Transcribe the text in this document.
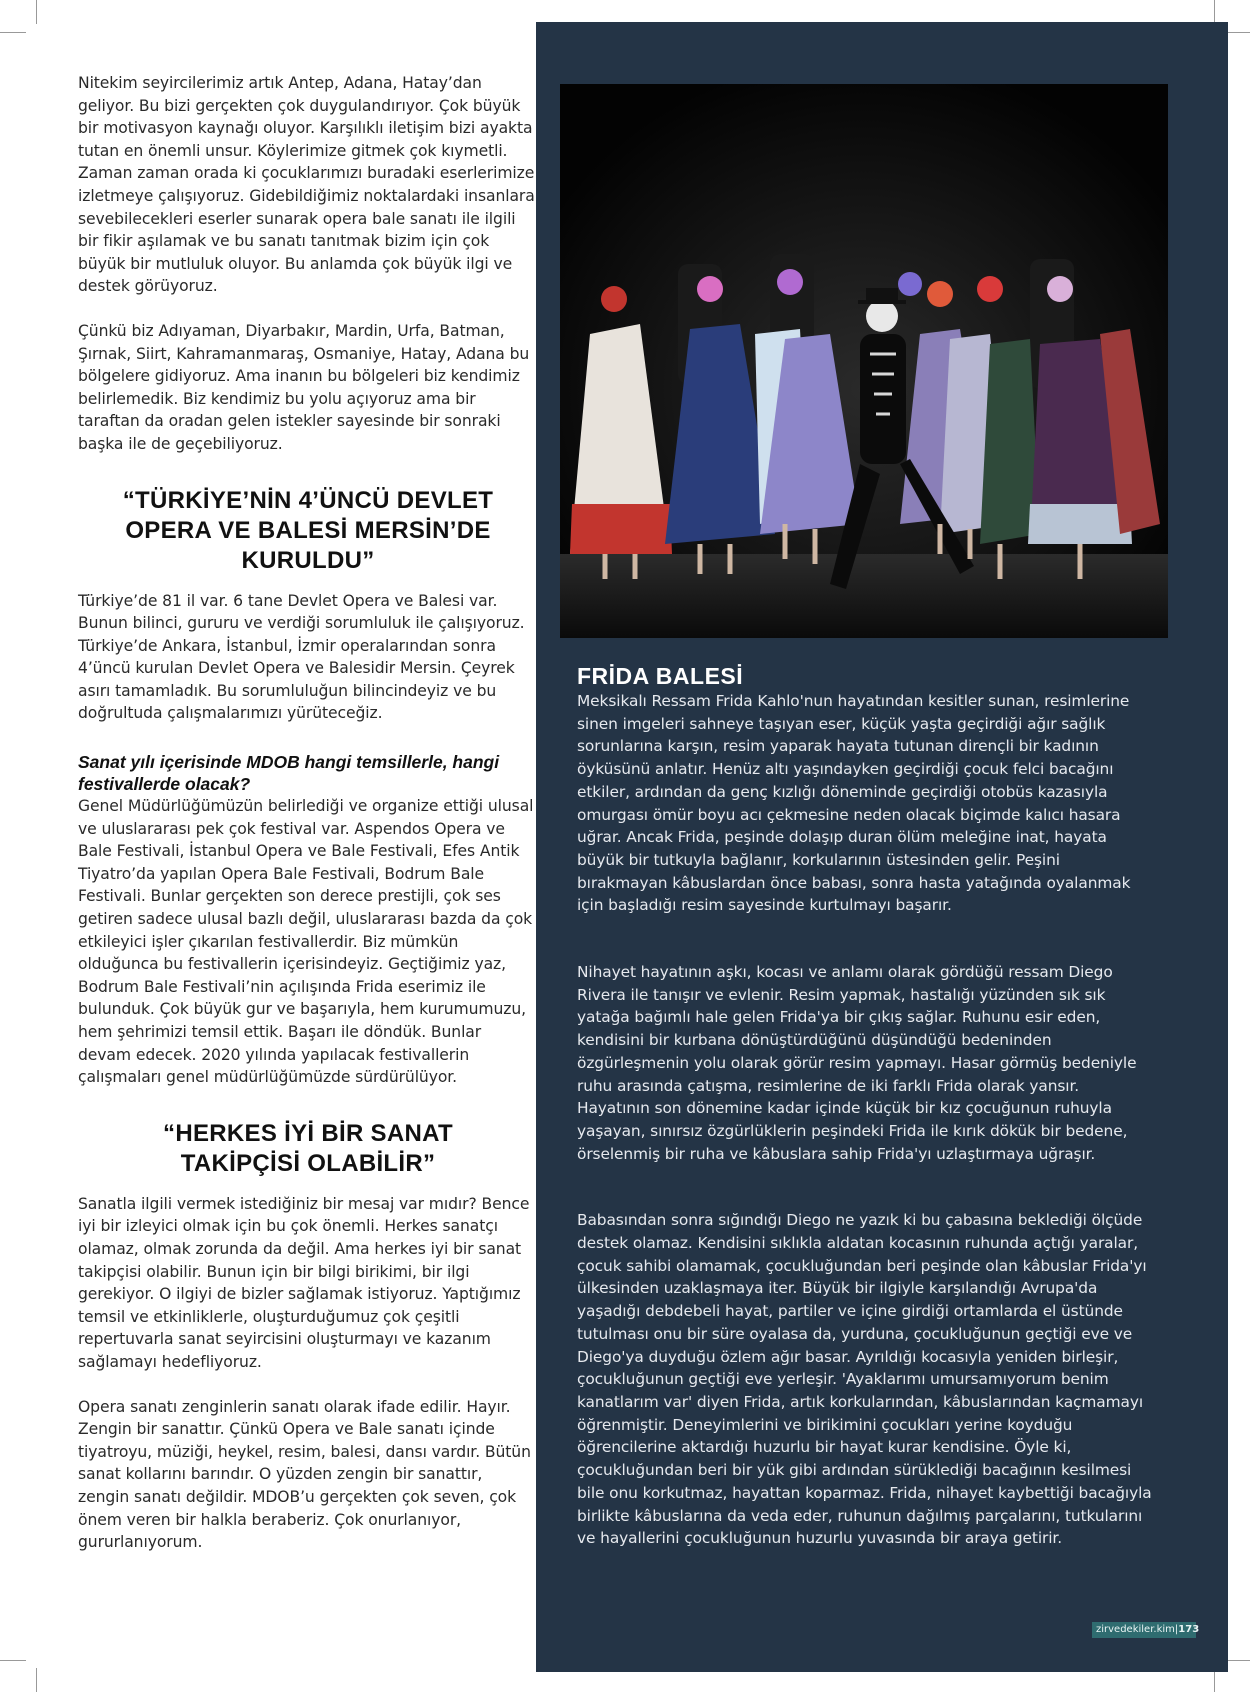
Nitekim seyircilerimiz artık Antep, Adana, Hatay’dan geliyor. Bu bizi gerçekten çok duygulandırıyor. Çok büyük bir motivasyon kaynağı oluyor. Karşılıklı iletişim bizi ayakta tutan en önemli unsur. Köylerimize gitmek çok kıymetli. Zaman zaman orada ki çocuklarımızı buradaki eserlerimize izletmeye çalışıyoruz. Gidebildiğimiz noktalardaki insanlara sevebilecekleri eserler sunarak opera bale sanatı ile ilgili bir fikir aşılamak ve bu sanatı tanıtmak bizim için çok büyük bir mutluluk oluyor. Bu anlamda çok büyük ilgi ve destek görüyoruz.

Çünkü biz Adıyaman, Diyarbakır, Mardin, Urfa, Batman, Şırnak, Siirt, Kahramanmaraş, Osmaniye, Hatay, Adana bu bölgelere gidiyoruz. Ama inanın bu bölgeleri biz kendimiz belirlemedik. Biz kendimiz bu yolu açıyoruz ama bir taraftan da oradan gelen istekler sayesinde bir sonraki başka ile de geçebiliyoruz.

“TÜRKİYE’NİN 4’ÜNCÜ DEVLET OPERA VE BALESİ MERSİN’DE KURULDU”

Türkiye’de 81 il var. 6 tane Devlet Opera ve Balesi var. Bunun bilinci, gururu ve verdiği sorumluluk ile çalışıyoruz. Türkiye’de Ankara, İstanbul, İzmir operalarından sonra 4’üncü kurulan Devlet Opera ve Balesidir Mersin. Çeyrek asırı tamamladık. Bu sorumluluğun bilincindeyiz ve bu doğrultuda çalışmalarımızı yürüteceğiz.

Sanat yılı içerisinde MDOB hangi temsillerle, hangi festivallerde olacak?

Genel Müdürlüğümüzün belirlediği ve organize ettiği ulusal ve uluslararası pek çok festival var. Aspendos Opera ve Bale Festivali, İstanbul Opera ve Bale Festivali, Efes Antik Tiyatro’da yapılan Opera Bale Festivali, Bodrum Bale Festivali. Bunlar gerçekten son derece prestijli, çok ses getiren sadece ulusal bazlı değil, uluslararası bazda da çok etkileyici işler çıkarılan festivallerdir. Biz mümkün olduğunca bu festivallerin içerisindeyiz. Geçtiğimiz yaz, Bodrum Bale Festivali’nin açılışında Frida eserimiz ile bulunduk. Çok büyük gur ve başarıyla, hem kurumumuzu, hem şehrimizi temsil ettik. Başarı ile döndük. Bunlar devam edecek. 2020 yılında yapılacak festivallerin çalışmaları genel müdürlüğümüzde sürdürülüyor.

“HERKES İYİ BİR SANAT TAKİPÇİSİ OLABİLİR”

Sanatla ilgili vermek istediğiniz bir mesaj var mıdır? Bence iyi bir izleyici olmak için bu çok önemli. Herkes sanatçı olamaz, olmak zorunda da değil. Ama herkes iyi bir sanat takipçisi olabilir. Bunun için bir bilgi birikimi, bir ilgi gerekiyor. O ilgiyi de bizler sağlamak istiyoruz. Yaptığımız temsil ve etkinliklerle, oluşturduğumuz çok çeşitli repertuvarla sanat seyircisini oluşturmayı ve kazanım sağlamayı hedefliyoruz.

Opera sanatı zenginlerin sanatı olarak ifade edilir. Hayır. Zengin bir sanattır. Çünkü Opera ve Bale sanatı içinde tiyatroyu, müziği, heykel, resim, balesi, dansı vardır. Bütün sanat kollarını barındır. O yüzden zengin bir sanattır, zengin sanatı değildir. MDOB’u gerçekten çok seven, çok önem veren bir halkla beraberiz. Çok onurlanıyor, gururlanıyorum.

FRİDA BALESİ

Meksikalı Ressam Frida Kahlo'nun hayatından kesitler sunan, resimlerine sinen imgeleri sahneye taşıyan eser, küçük yaşta geçirdiği ağır sağlık sorunlarına karşın, resim yaparak hayata tutunan dirençli bir kadının öyküsünü anlatır. Henüz altı yaşındayken geçirdiği çocuk felci bacağını etkiler, ardından da genç kızlığı döneminde geçirdiği otobüs kazasıyla omurgası ömür boyu acı çekmesine neden olacak biçimde kalıcı hasara uğrar. Ancak Frida, peşinde dolaşıp duran ölüm meleğine inat, hayata büyük bir tutkuyla bağlanır, korkularının üstesinden gelir. Peşini bırakmayan kâbuslardan önce babası, sonra hasta yatağında oyalanmak için başladığı resim sayesinde kurtulmayı başarır.

Nihayet hayatının aşkı, kocası ve anlamı olarak gördüğü ressam Diego Rivera ile tanışır ve evlenir. Resim yapmak, hastalığı yüzünden sık sık yatağa bağımlı hale gelen Frida'ya bir çıkış sağlar. Ruhunu esir eden, kendisini bir kurbana dönüştürdüğünü düşündüğü bedeninden özgürleşmenin yolu olarak görür resim yapmayı. Hasar görmüş bedeniyle ruhu arasında çatışma, resimlerine de iki farklı Frida olarak yansır. Hayatının son dönemine kadar içinde küçük bir kız çocuğunun ruhuyla yaşayan, sınırsız özgürlüklerin peşindeki Frida ile kırık dökük bir bedene, örselenmiş bir ruha ve kâbuslara sahip Frida'yı uzlaştırmaya uğraşır.

Babasından sonra sığındığı Diego ne yazık ki bu çabasına beklediği ölçüde destek olamaz. Kendisini sıklıkla aldatan kocasının ruhunda açtığı yaralar, çocuk sahibi olamamak, çocukluğundan beri peşinde olan kâbuslar Frida'yı ülkesinden uzaklaşmaya iter. Büyük bir ilgiyle karşılandığı Avrupa'da yaşadığı debdebeli hayat, partiler ve içine girdiği ortamlarda el üstünde tutulması onu bir süre oyalasa da, yurduna, çocukluğunun geçtiği eve ve Diego'ya duyduğu özlem ağır basar. Ayrıldığı kocasıyla yeniden birleşir, çocukluğunun geçtiği eve yerleşir. 'Ayaklarımı umursamıyorum benim kanatlarım var' diyen Frida, artık korkularından, kâbuslarından kaçmamayı öğrenmiştir. Deneyimlerini ve birikimini çocukları yerine koyduğu öğrencilerine aktardığı huzurlu bir hayat kurar kendisine. Öyle ki, çocukluğundan beri bir yük gibi ardından sürüklediği bacağının kesilmesi bile onu korkutmaz, hayattan koparmaz. Frida, nihayet kaybettiği bacağıyla birlikte kâbuslarına da veda eder, ruhunun dağılmış parçalarını, tutkularını ve hayallerini çocukluğunun huzurlu yuvasında bir araya getirir.

zirvedekiler.kim|173
